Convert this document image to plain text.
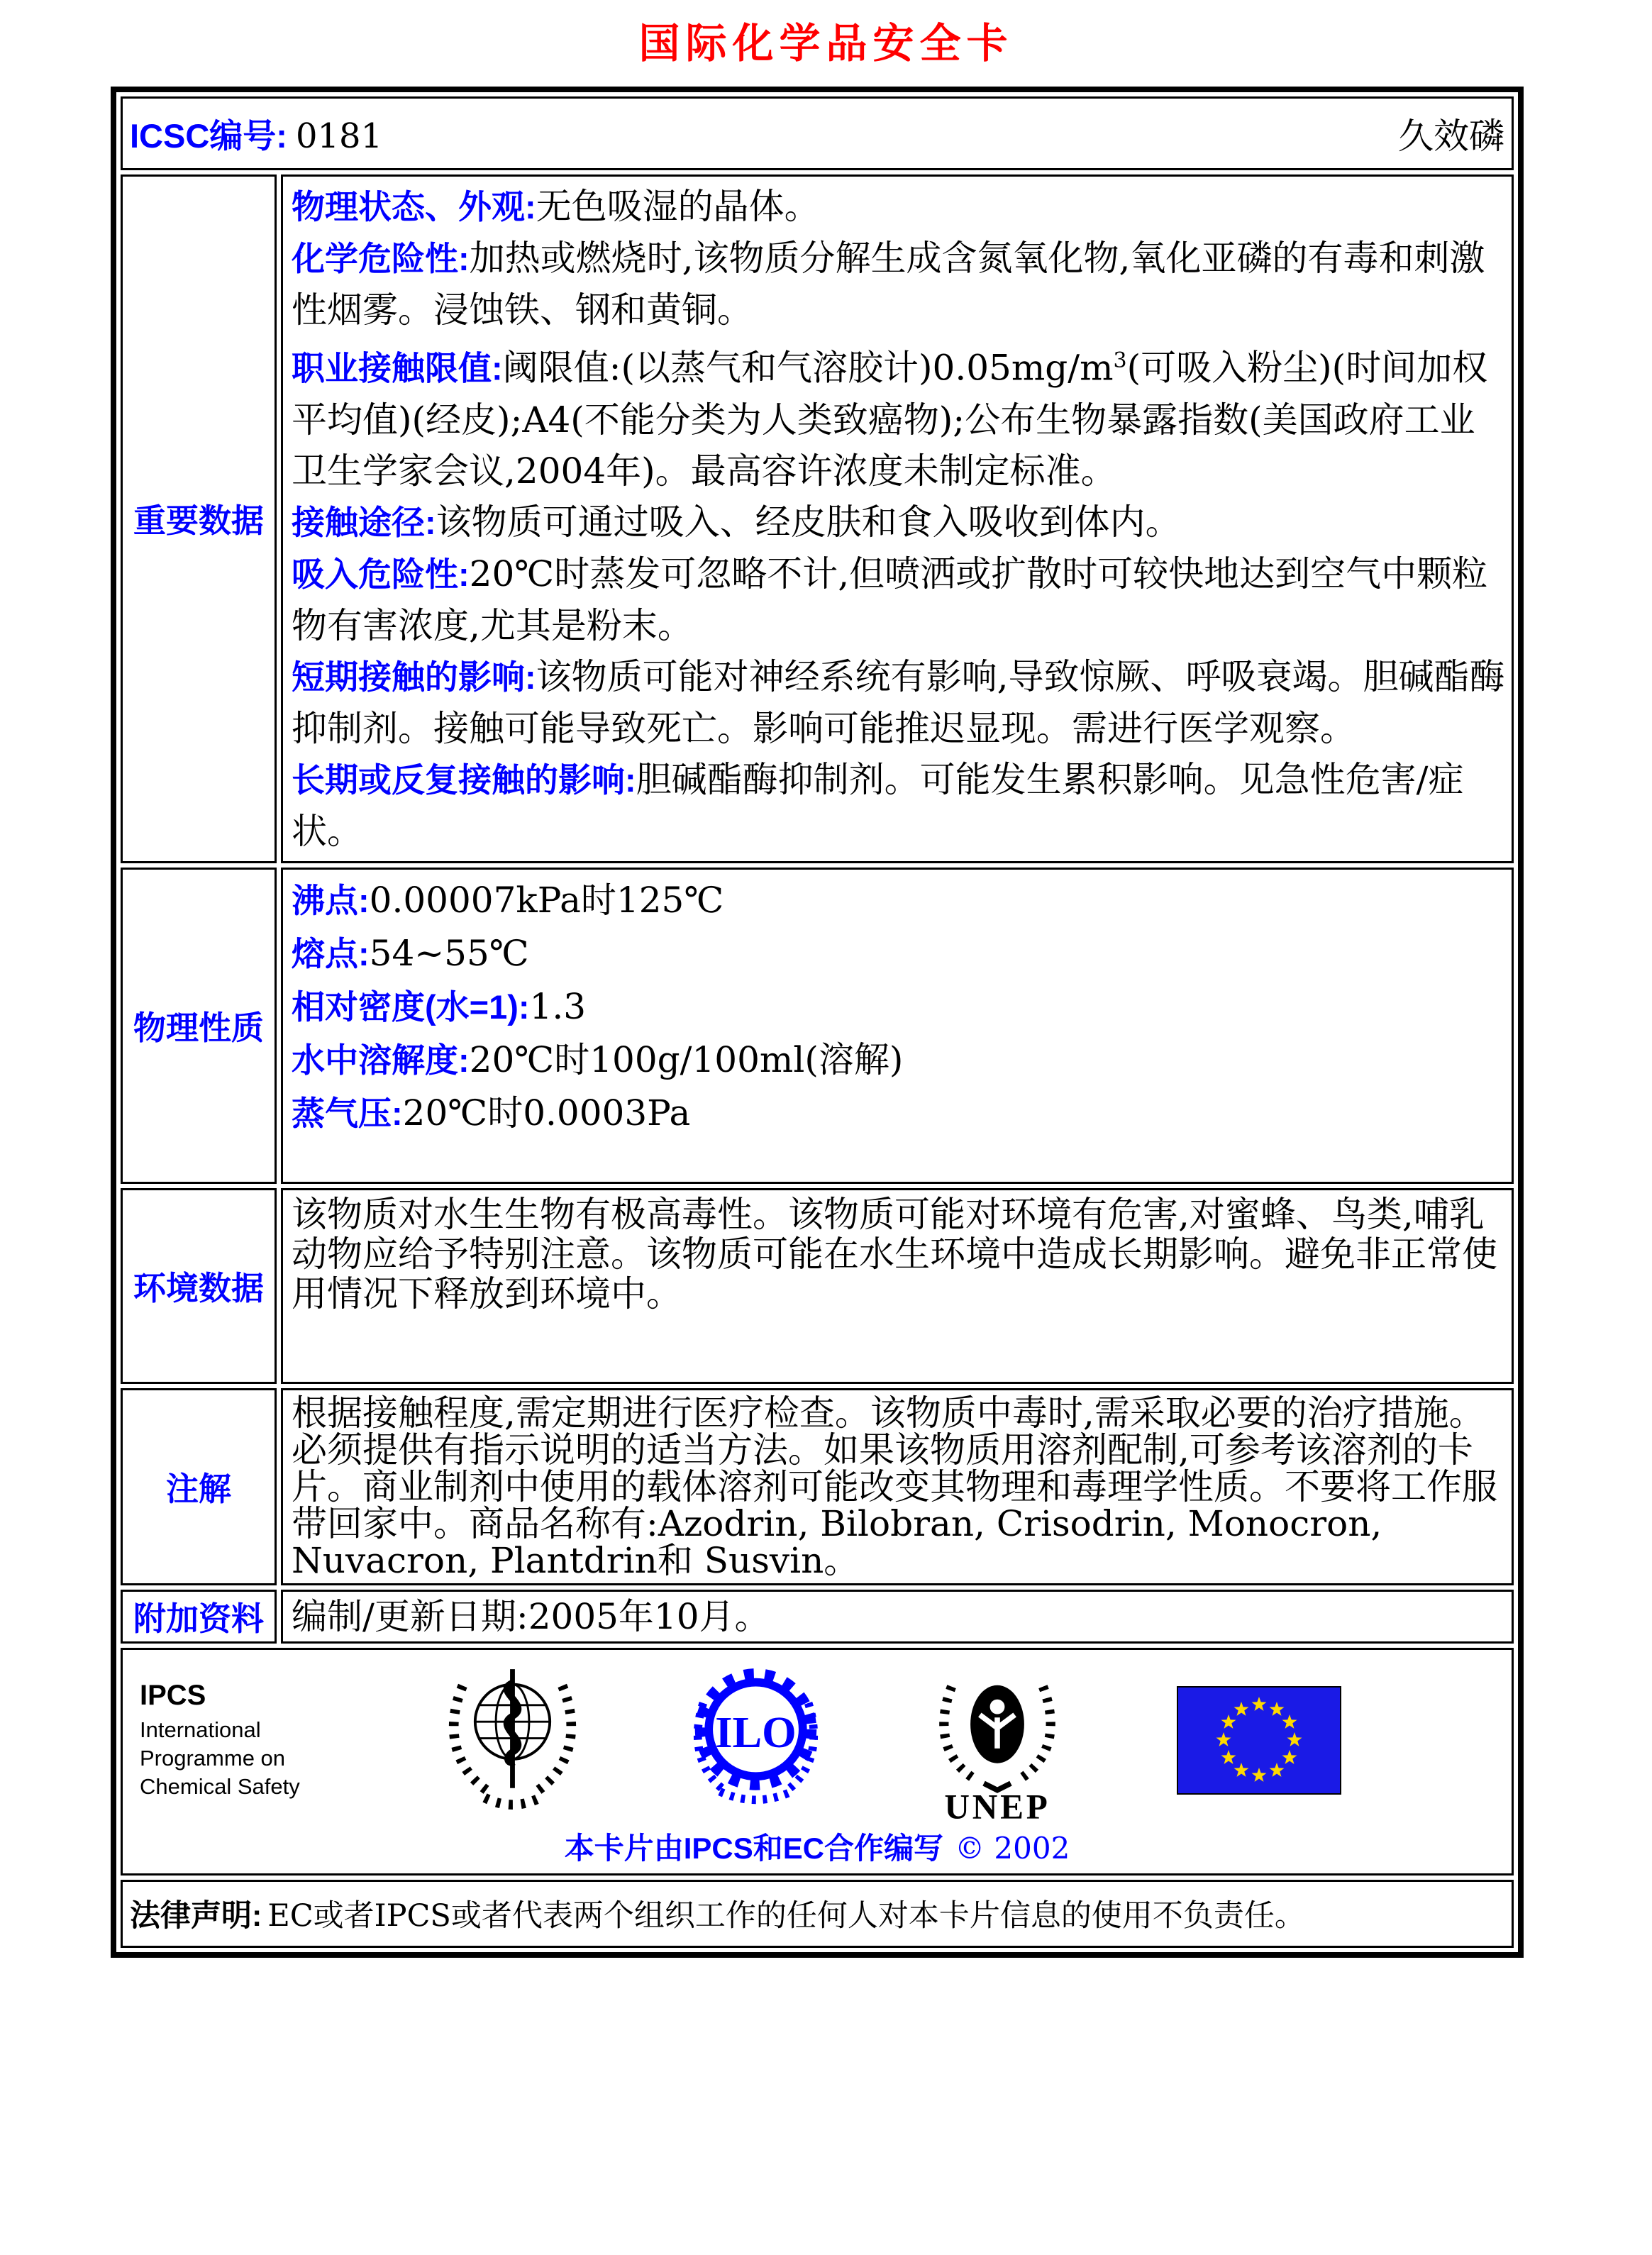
国际化学品安全卡
ICSC编号: 0181	久效磷
重要数据

物理状态、外观:无色吸湿的晶体。

化学危险性:加热或燃烧时,该物质分解生成含氮氧化物,氧化亚磷的有毒和刺激性烟雾。浸蚀铁、钢和黄铜。

职业接触限值:阈限值:(以蒸气和气溶胶计)$0.05mg/m^3$(可吸入粉尘)(时间加权平均值)(经皮);A4(不能分类为人类致癌物);公布生物暴露指数(美国政府工业卫生学家会议,2004年)。最高容许浓度未制定标准。

接触途径:该物质可通过吸入、经皮肤和食入吸收到体内。

吸入危险性:20℃时蒸发可忽略不计,但喷洒或扩散时可较快地达到空气中颗粒物有害浓度,尤其是粉末。

短期接触的影响:该物质可能对神经系统有影响,导致惊厥、呼吸衰竭。胆碱酯酶抑制剂。接触可能导致死亡。影响可能推迟显现。需进行医学观察。

长期或反复接触的影响:胆碱酯酶抑制剂。可能发生累积影响。见急性危害/症状。

物理性质

沸点:0.00007kPa时125℃

熔点:54~55℃

相对密度(水=1):1.3

水中溶解度:20℃时100g/100ml(溶解)

蒸气压:20℃时0.0003Pa

环境数据

该物质对水生生物有极高毒性。该物质可能对环境有危害,对蜜蜂、鸟类,哺乳动物应给予特别注意。该物质可能在水生环境中造成长期影响。避免非正常使用情况下释放到环境中。

注解

根据接触程度,需定期进行医疗检查。该物质中毒时,需采取必要的治疗措施。必须提供有指示说明的适当方法。如果该物质用溶剂配制,可参考该溶剂的卡片。商业制剂中使用的载体溶剂可能改变其物理和毒理学性质。不要将工作服带回家中。商品名称有:Azodrin, Bilobran, Crisodrin, Monocron, Nuvacron, Plantdrin和 Susvin。

附加资料 编制/更新日期:2005年10月。

IPCS
International
Programme on
Chemical Safety
ILO
UNEP
本卡片由IPCS和EC合作编写 © 2002
法律声明: EC或者IPCS或者代表两个组织工作的任何人对本卡片信息的使用不负责任。
